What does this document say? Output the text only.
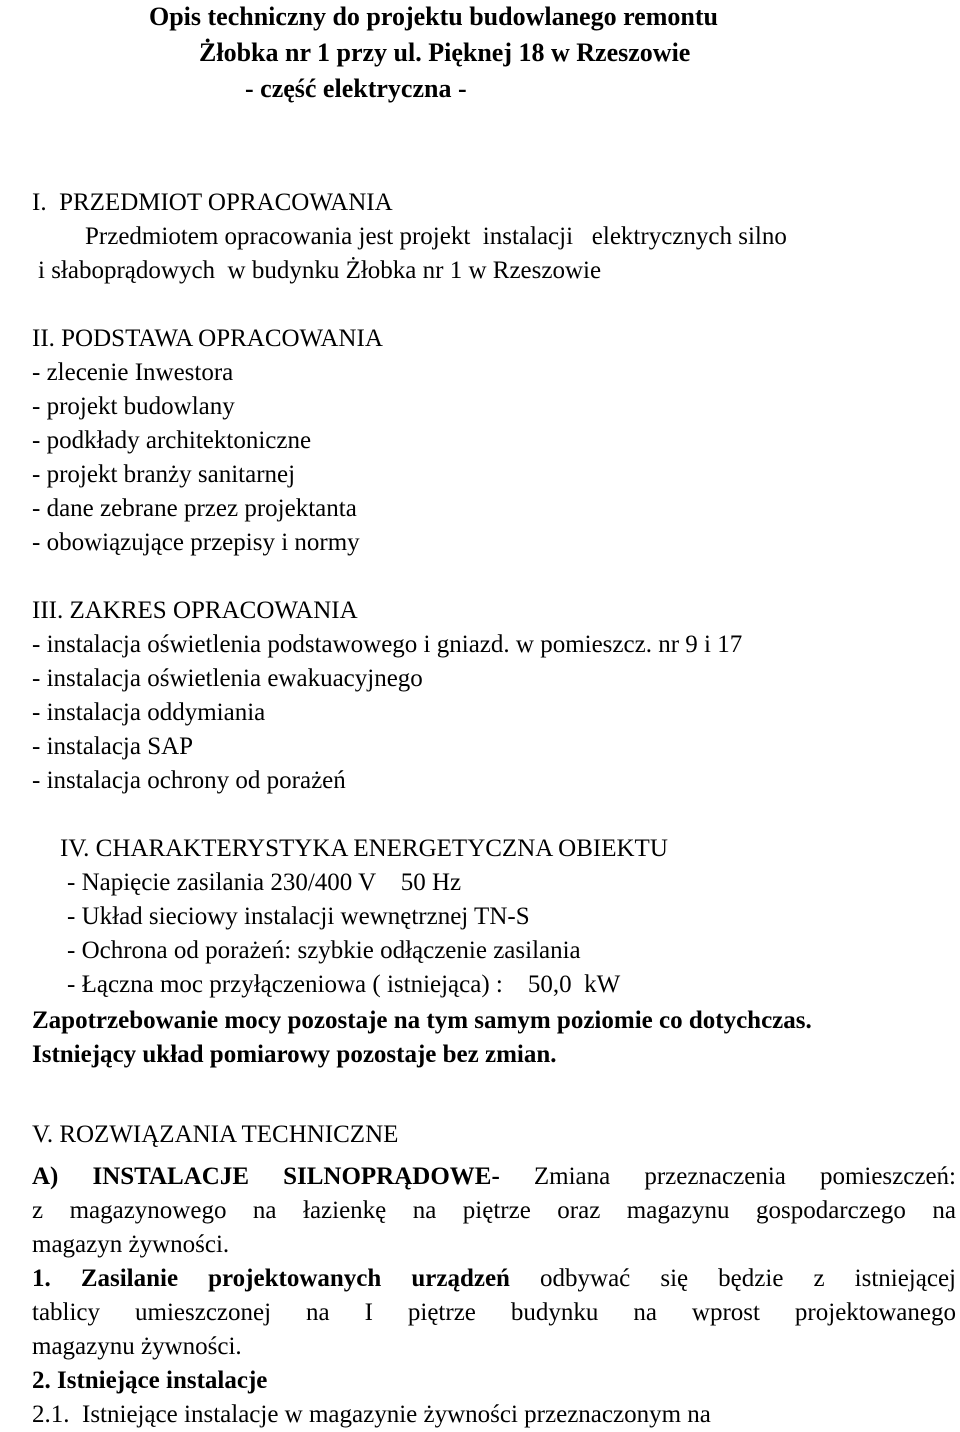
Opis techniczny do projektu budowlanego remontu
Żłobka nr 1 przy ul. Pięknej 18 w Rzeszowie
- część elektryczna -
I.  PRZEDMIOT OPRACOWANIA
Przedmiotem opracowania jest projekt  instalacji   elektrycznych silno
i słaboprądowych  w budynku Żłobka nr 1 w Rzeszowie
II. PODSTAWA OPRACOWANIA
- zlecenie Inwestora
- projekt budowlany
- podkłady architektoniczne
- projekt branży sanitarnej
- dane zebrane przez projektanta
- obowiązujące przepisy i normy
III. ZAKRES OPRACOWANIA
- instalacja oświetlenia podstawowego i gniazd. w pomieszcz. nr 9 i 17
- instalacja oświetlenia ewakuacyjnego
- instalacja oddymiania
- instalacja SAP
- instalacja ochrony od porażeń
IV. CHARAKTERYSTYKA ENERGETYCZNA OBIEKTU
- Napięcie zasilania 230/400 V    50 Hz
- Układ sieciowy instalacji wewnętrznej TN-S
- Ochrona od porażeń: szybkie odłączenie zasilania
- Łączna moc przyłączeniowa ( istniejąca) :    50,0  kW
Zapotrzebowanie mocy pozostaje na tym samym poziomie co dotychczas.
Istniejący układ pomiarowy pozostaje bez zmian.
V. ROZWIĄZANIA TECHNICZNE
A) INSTALACJE SILNOPRĄDOWE- Zmiana przeznaczenia pomieszczeń:
z magazynowego na łazienkę na piętrze oraz magazynu gospodarczego na
magazyn żywności.
1. Zasilanie projektowanych urządzeń odbywać się będzie z istniejącej
tablicy umieszczonej na I piętrze budynku na wprost projektowanego
magazynu żywności.
2. Istniejące instalacje
2.1.  Istniejące instalacje w magazynie żywności przeznaczonym na
